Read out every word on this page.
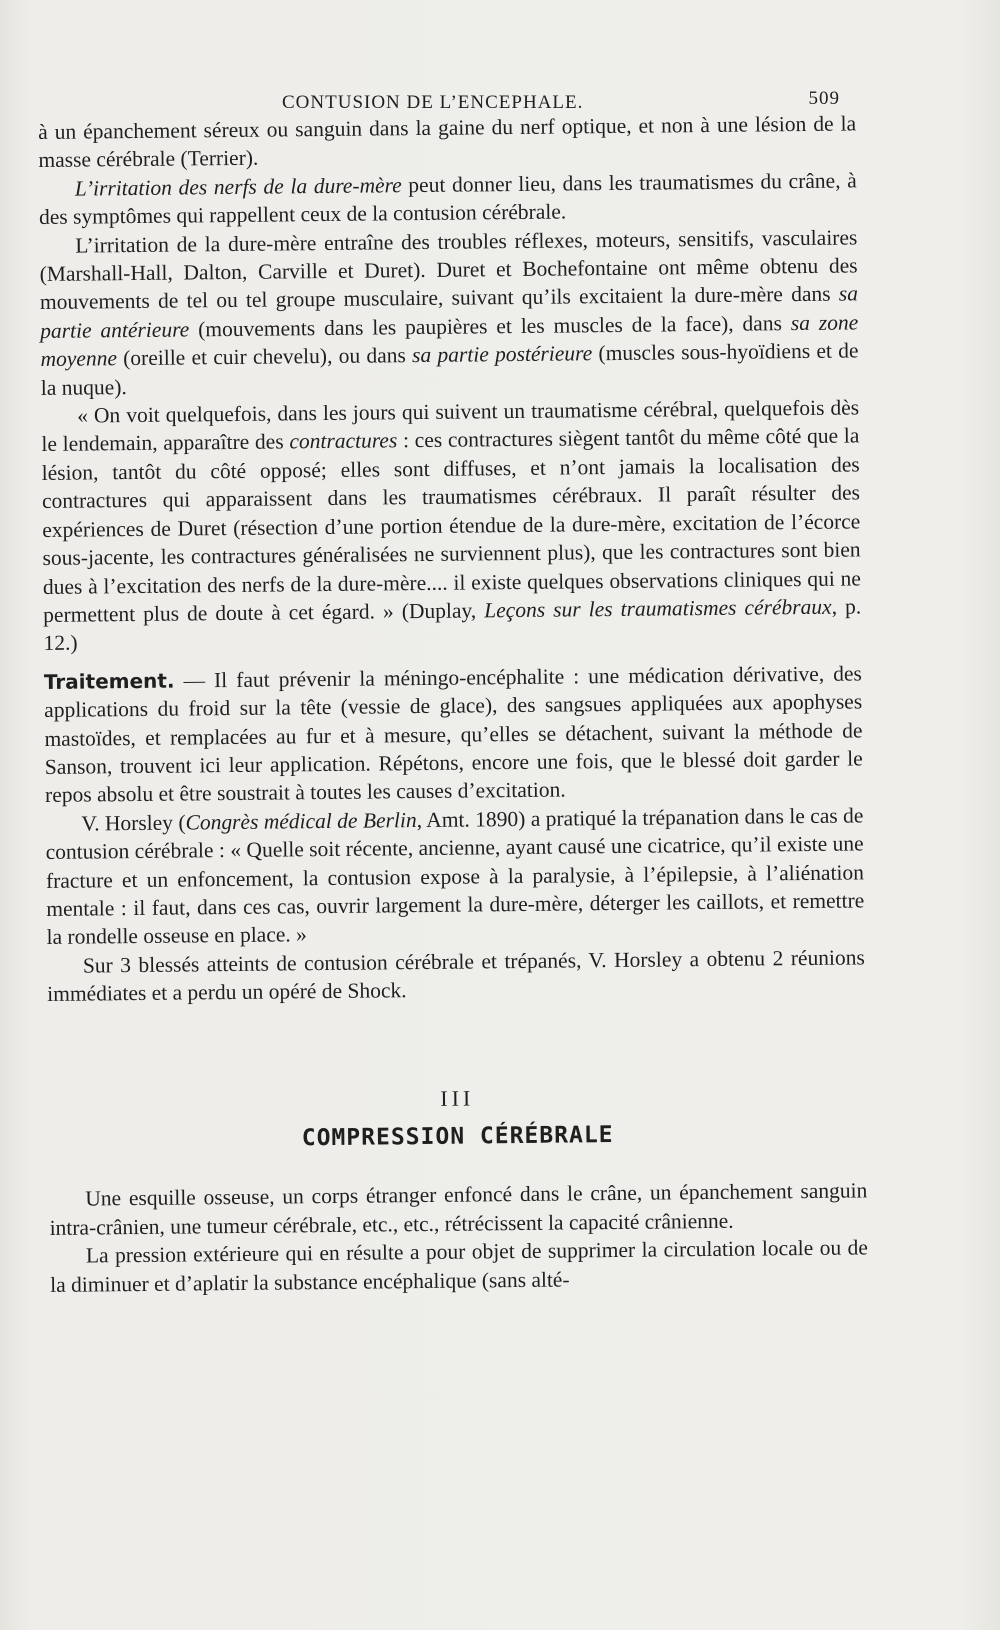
CONTUSION DE L’ENCEPHALE.	509

à un épanchement séreux ou sanguin dans la gaine du nerf optique, et non à une lésion de la masse cérébrale (Terrier).

L’irritation des nerfs de la dure-mère peut donner lieu, dans les traumatismes du crâne, à des symptômes qui rappellent ceux de la contusion cérébrale.

L’irritation de la dure-mère entraîne des troubles réflexes, moteurs, sensitifs, vasculaires (Marshall-Hall, Dalton, Carville et Duret). Duret et Bochefontaine ont même obtenu des mouvements de tel ou tel groupe musculaire, suivant qu’ils excitaient la dure-mère dans sa partie antérieure (mouvements dans les paupières et les muscles de la face), dans sa zone moyenne (oreille et cuir chevelu), ou dans sa partie postérieure (muscles sous-hyoïdiens et de la nuque).

« On voit quelquefois, dans les jours qui suivent un traumatisme cérébral, quelquefois dès le lendemain, apparaître des contractures : ces contractures siègent tantôt du même côté que la lésion, tantôt du côté opposé; elles sont diffuses, et n’ont jamais la localisation des contractures qui apparaissent dans les traumatismes cérébraux. Il paraît résulter des expériences de Duret (résection d’une portion étendue de la dure-mère, excitation de l’écorce sous-jacente, les contractures généralisées ne surviennent plus), que les contractures sont bien dues à l’excitation des nerfs de la dure-mère.... il existe quelques observations cliniques qui ne permettent plus de doute à cet égard. » (Duplay, Leçons sur les traumatismes cérébraux, p. 12.)

Traitement. — Il faut prévenir la méningo-encéphalite : une médication dérivative, des applications du froid sur la tête (vessie de glace), des sangsues appliquées aux apophyses mastoïdes, et remplacées au fur et à mesure, qu’elles se détachent, suivant la méthode de Sanson, trouvent ici leur application. Répétons, encore une fois, que le blessé doit garder le repos absolu et être soustrait à toutes les causes d’excitation.

V. Horsley (Congrès médical de Berlin, Amt. 1890) a pratiqué la trépanation dans le cas de contusion cérébrale : « Quelle soit récente, ancienne, ayant causé une cicatrice, qu’il existe une fracture et un enfoncement, la contusion expose à la paralysie, à l’épilepsie, à l’aliénation mentale : il faut, dans ces cas, ouvrir largement la dure-mère, déterger les caillots, et remettre la rondelle osseuse en place. »

Sur 3 blessés atteints de contusion cérébrale et trépanés, V. Horsley a obtenu 2 réunions immédiates et a perdu un opéré de Shock.

III
COMPRESSION CÉRÉBRALE

Une esquille osseuse, un corps étranger enfoncé dans le crâne, un épanchement sanguin intra-crânien, une tumeur cérébrale, etc., etc., rétrécissent la capacité crânienne.

La pression extérieure qui en résulte a pour objet de supprimer la circulation locale ou de la diminuer et d’aplatir la substance encéphalique (sans alté-
